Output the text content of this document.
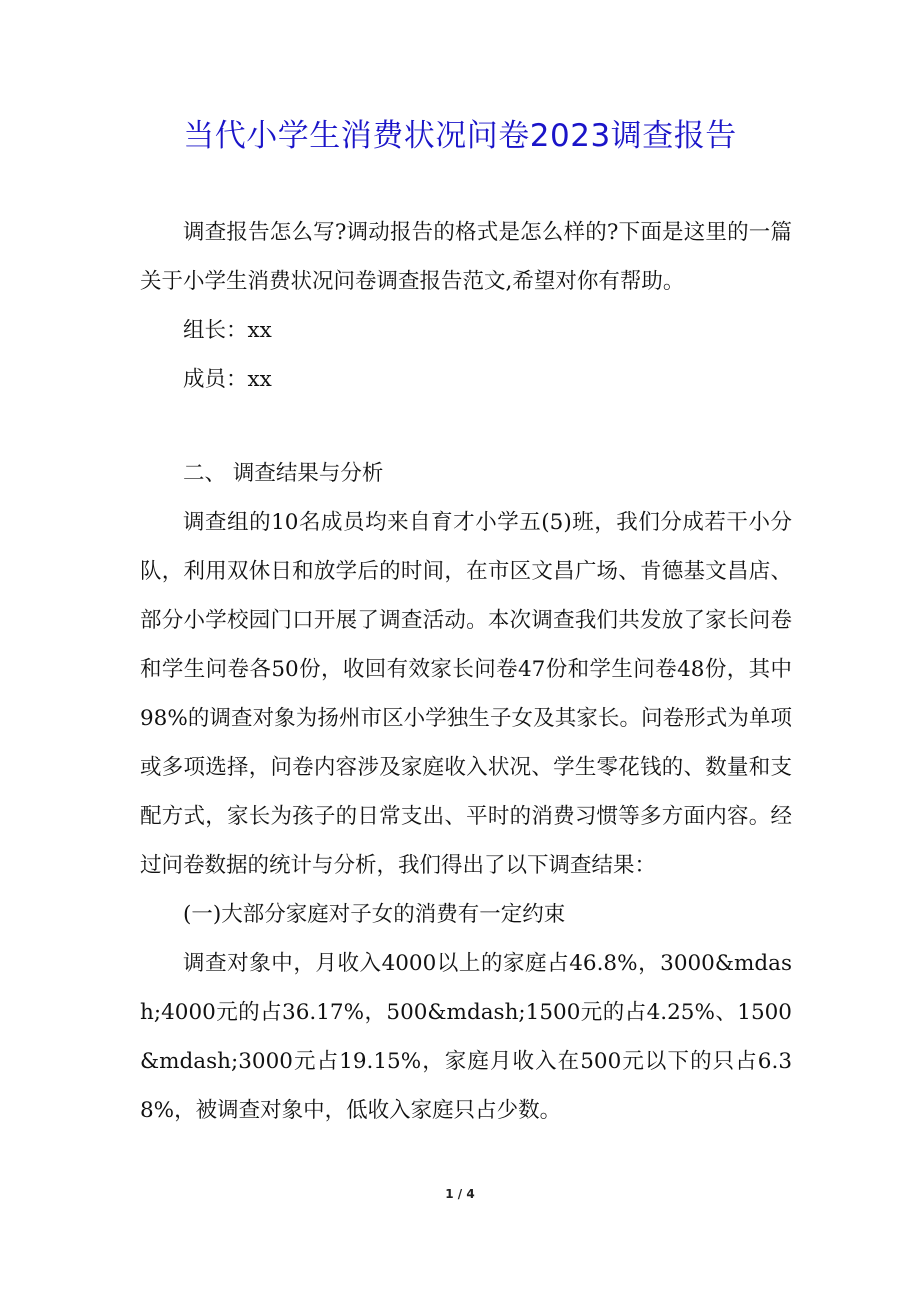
当代小学生消费状况问卷2023调查报告

调查报告怎么写?调动报告的格式是怎么样的?下面是这里的一篇关于小学生消费状况问卷调查报告范文,希望对你有帮助。

组长：xx

成员：xx

二、 调查结果与分析

调查组的10名成员均来自育才小学五(5)班，我们分成若干小分队，利用双休日和放学后的时间，在市区文昌广场、肯德基文昌店、部分小学校园门口开展了调查活动。本次调查我们共发放了家长问卷和学生问卷各50份，收回有效家长问卷47份和学生问卷48份，其中98%的调查对象为扬州市区小学独生子女及其家长。问卷形式为单项或多项选择，问卷内容涉及家庭收入状况、学生零花钱的、数量和支配方式，家长为孩子的日常支出、平时的消费习惯等多方面内容。经过问卷数据的统计与分析，我们得出了以下调查结果：

(一)大部分家庭对子女的消费有一定约束

调查对象中，月收入4000以上的家庭占46.8%，3000&mdash;4000元的占36.17%，500&mdash;1500元的占4.25%、1500&mdash;3000元占19.15%，家庭月收入在500元以下的只占6.38%，被调查对象中，低收入家庭只占少数。

1 / 4
